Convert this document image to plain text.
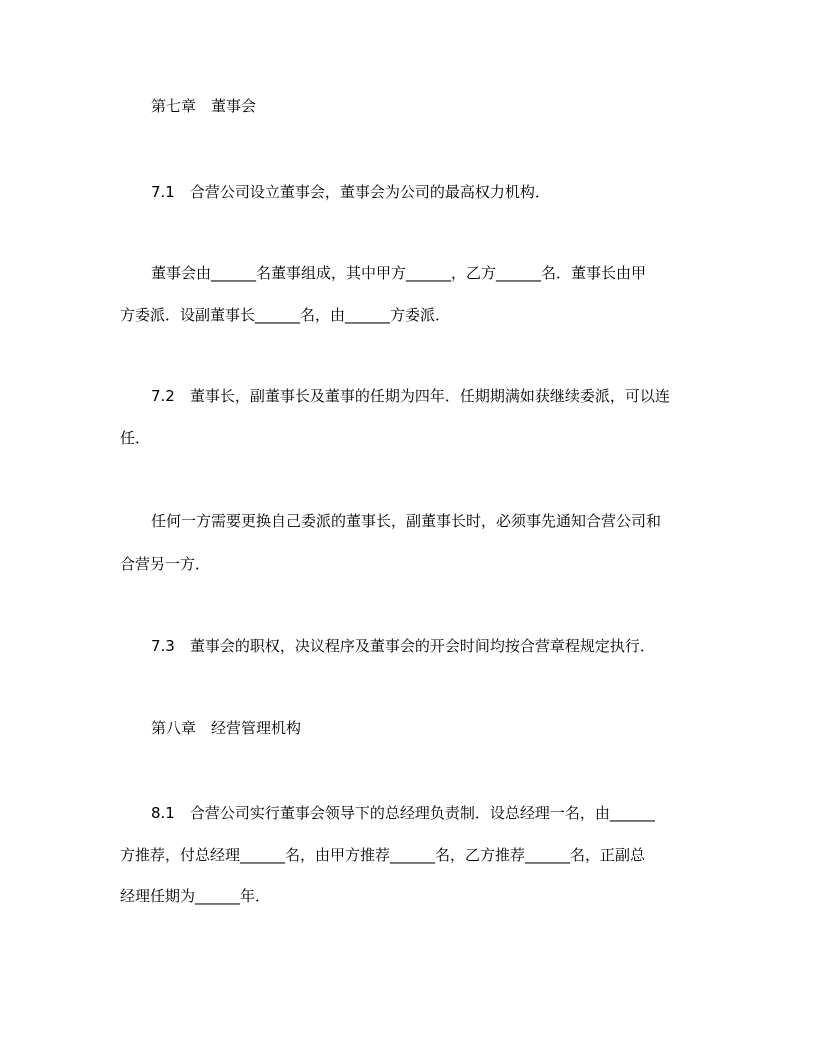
第七章　董事会
7.1　合营公司设立董事会，董事会为公司的最高权力机构．
董事会由______名董事组成，其中甲方______，乙方______名．董事长由甲
方委派．设副董事长______名，由______方委派．
7.2　董事长，副董事长及董事的任期为四年．任期期满如获继续委派，可以连
任．
任何一方需要更换自己委派的董事长，副董事长时，必须事先通知合营公司和
合营另一方．
7.3　董事会的职权，决议程序及董事会的开会时间均按合营章程规定执行．
第八章　经营管理机构
8.1　合营公司实行董事会领导下的总经理负责制．设总经理一名，由______
方推荐，付总经理______名，由甲方推荐______名，乙方推荐______名，正副总
经理任期为______年．
